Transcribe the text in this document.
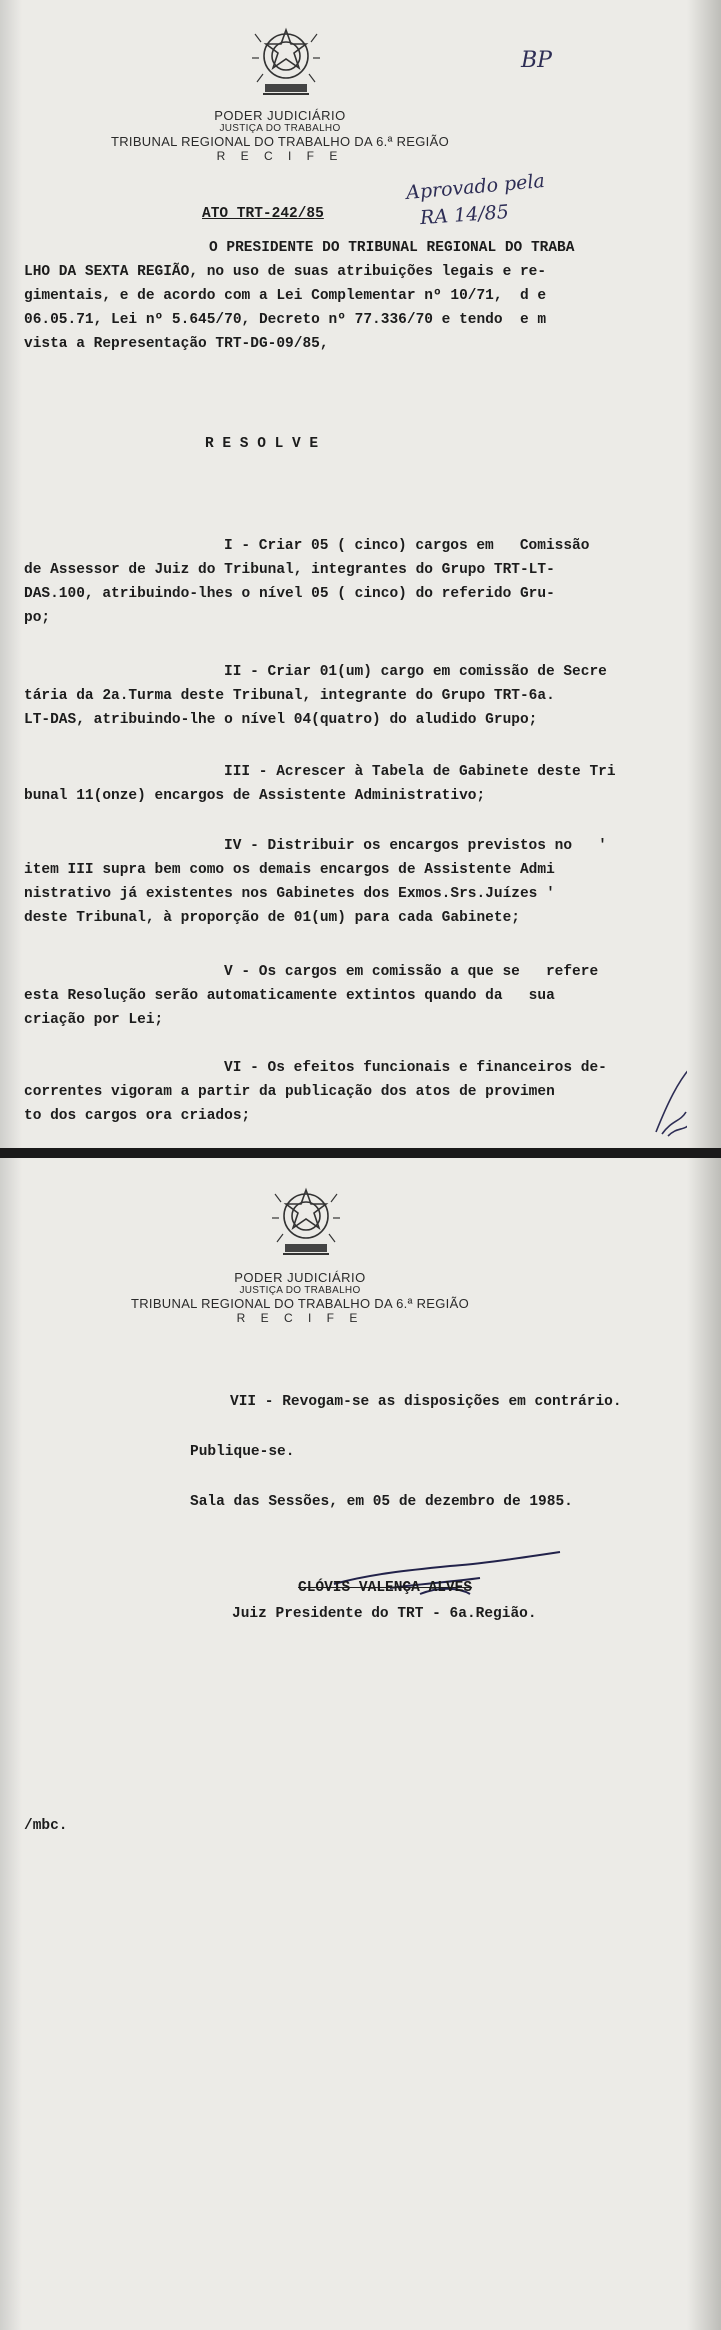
PODER JUDICIÁRIO
JUSTIÇA DO TRABALHO
TRIBUNAL REGIONAL DO TRABALHO DA 6.ª REGIÃO
R E C I F E
BP
ATO TRT-242/85
Aprovado pela
RA 14/85
O PRESIDENTE DO TRIBUNAL REGIONAL DO TRABA
LHO DA SEXTA REGIÃO, no uso de suas atribuições legais e re-
gimentais, e de acordo com a Lei Complementar nº 10/71,  d e
06.05.71, Lei nº 5.645/70, Decreto nº 77.336/70 e tendo  e m
vista a Representação TRT-DG-09/85,
R E S O L V E
I - Criar 05 ( cinco) cargos em   Comissão
de Assessor de Juiz do Tribunal, integrantes do Grupo TRT-LT-
DAS.100, atribuindo-lhes o nível 05 ( cinco) do referido Gru-
po;
II - Criar 01(um) cargo em comissão de Secre
tária da 2a.Turma deste Tribunal, integrante do Grupo TRT-6a.
LT-DAS, atribuindo-lhe o nível 04(quatro) do aludido Grupo;
III - Acrescer à Tabela de Gabinete deste Tri
bunal 11(onze) encargos de Assistente Administrativo;
IV - Distribuir os encargos previstos no   '
item III supra bem como os demais encargos de Assistente Admi
nistrativo já existentes nos Gabinetes dos Exmos.Srs.Juízes '
deste Tribunal, à proporção de 01(um) para cada Gabinete;
V - Os cargos em comissão a que se   refere
esta Resolução serão automaticamente extintos quando da   sua
criação por Lei;
VI - Os efeitos funcionais e financeiros de-
correntes vigoram a partir da publicação dos atos de provimen
to dos cargos ora criados;
PODER JUDICIÁRIO
JUSTIÇA DO TRABALHO
TRIBUNAL REGIONAL DO TRABALHO DA 6.ª REGIÃO
R E C I F E
VII - Revogam-se as disposições em contrário.
Publique-se.
Sala das Sessões, em 05 de dezembro de 1985.
CLÓVIS VALENÇA ALVES
Juiz Presidente do TRT - 6a.Região.
/mbc.
